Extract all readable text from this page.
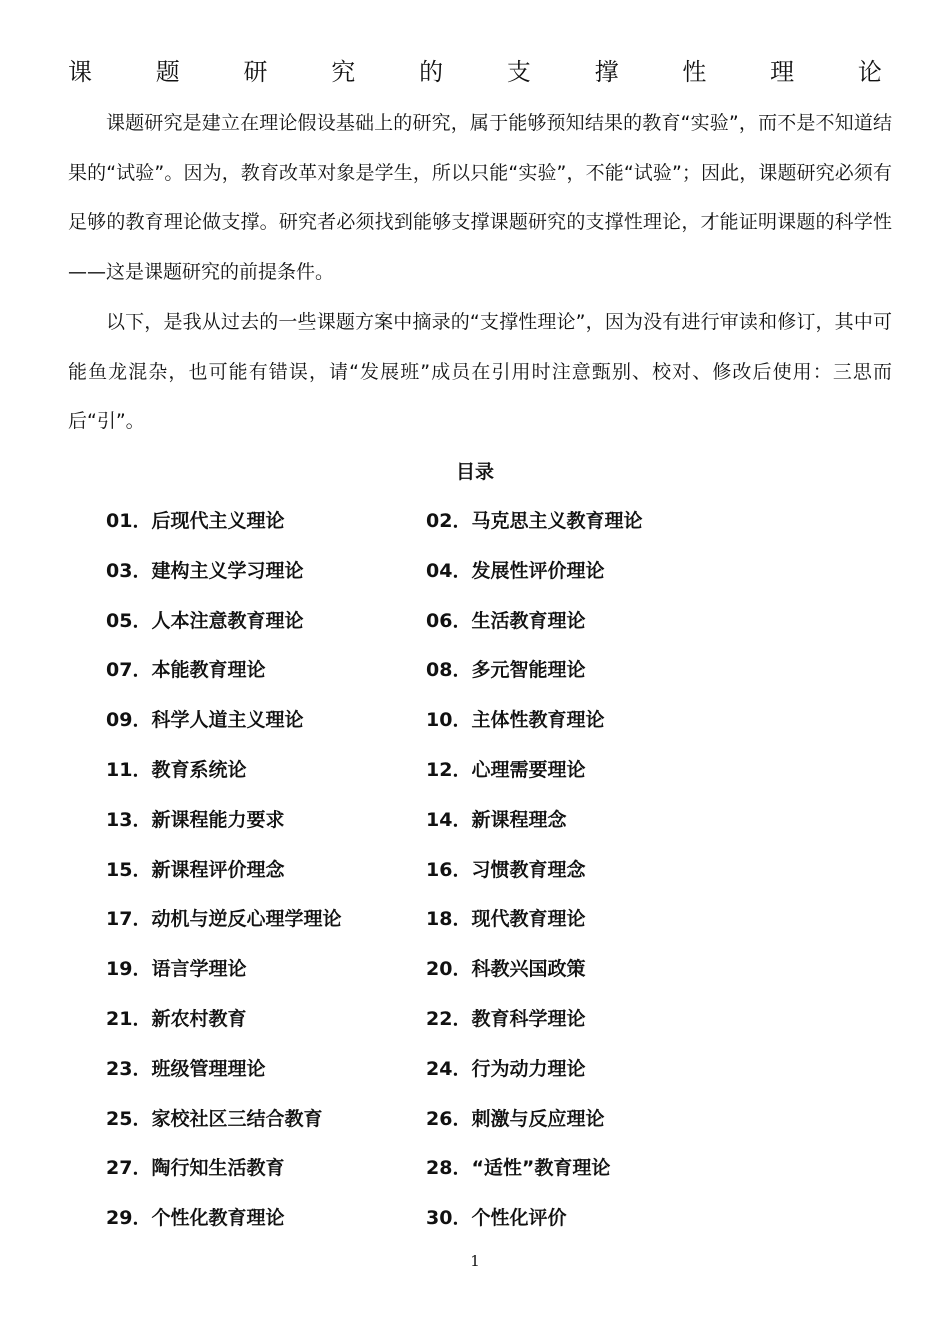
课	题	研	究	的	支	撑	性	理	论

课题研究是建立在理论假设基础上的研究，属于能够预知结果的教育“实验”，而不是不知道结果的“试验”。因为，教育改革对象是学生，所以只能“实验”，不能“试验”；因此，课题研究必须有足够的教育理论做支撑。研究者必须找到能够支撑课题研究的支撑性理论，才能证明课题的科学性——这是课题研究的前提条件。

以下，是我从过去的一些课题方案中摘录的“支撑性理论”，因为没有进行审读和修订，其中可能鱼龙混杂，也可能有错误，请“发展班”成员在引用时注意甄别、校对、修改后使用：三思而后“引”。

目录
01．后现代主义理论	02．马克思主义教育理论
03．建构主义学习理论	04．发展性评价理论
05．人本注意教育理论	06．生活教育理论
07．本能教育理论	08．多元智能理论
09．科学人道主义理论	10．主体性教育理论
11．教育系统论	12．心理需要理论
13．新课程能力要求	14．新课程理念
15．新课程评价理念	16．习惯教育理念
17．动机与逆反心理学理论	18．现代教育理论
19．语言学理论	20．科教兴国政策
21．新农村教育	22．教育科学理论
23．班级管理理论	24．行为动力理论
25．家校社区三结合教育	26．刺激与反应理论
27．陶行知生活教育	28．“适性”教育理论
29．个性化教育理论	30．个性化评价
1
